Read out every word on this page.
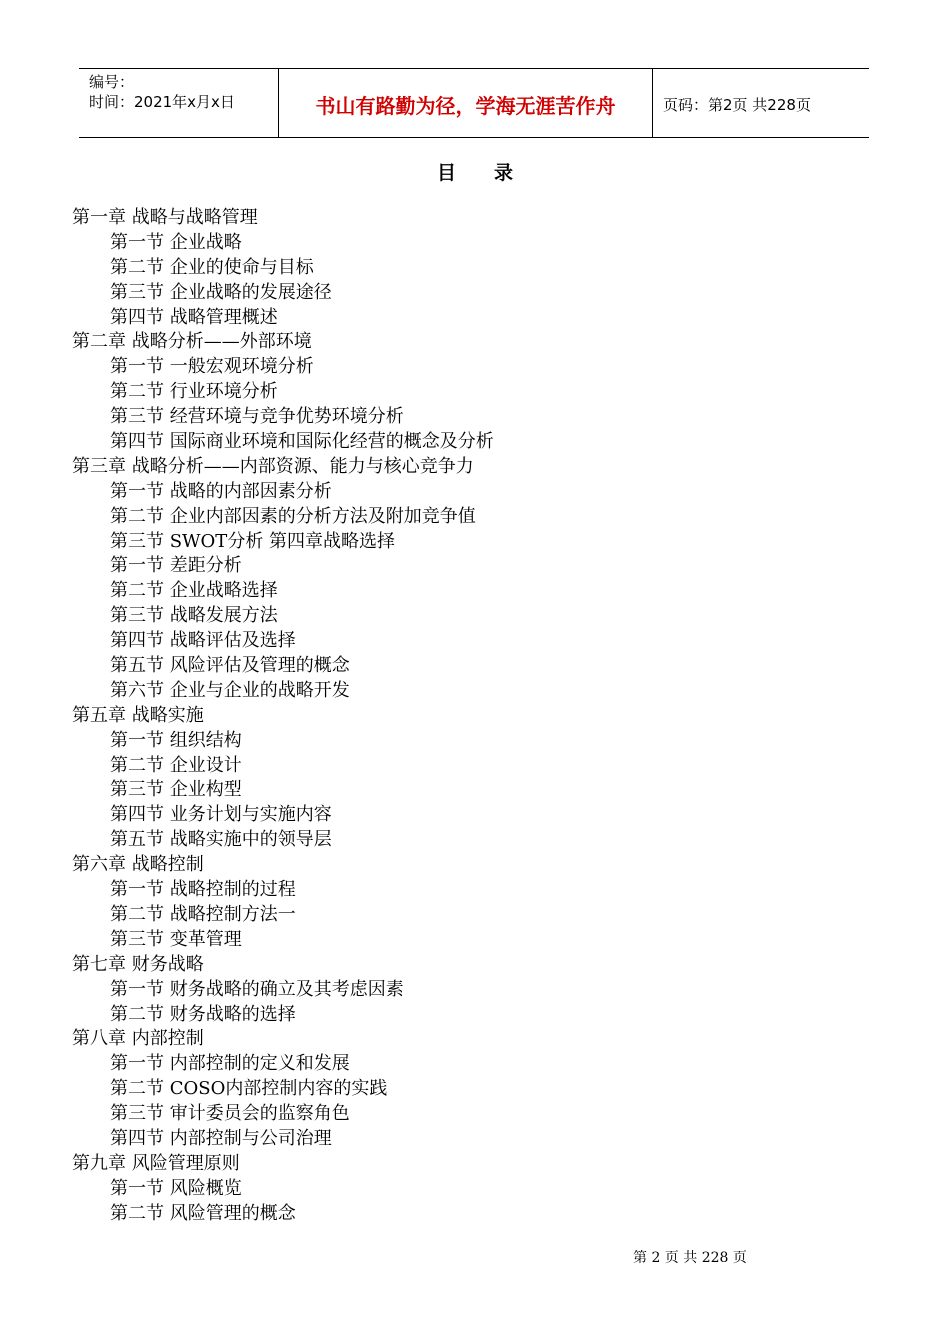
编号：
时间：2021年x月x日	书山有路勤为径，学海无涯苦作舟	页码：第2页 共228页
目录
第一章 战略与战略管理
第一节 企业战略
第二节 企业的使命与目标
第三节 企业战略的发展途径
第四节 战略管理概述
第二章 战略分析——外部环境
第一节 一般宏观环境分析
第二节 行业环境分析
第三节 经营环境与竞争优势环境分析
第四节 国际商业环境和国际化经营的概念及分析
第三章 战略分析——内部资源、能力与核心竞争力
第一节 战略的内部因素分析
第二节 企业内部因素的分析方法及附加竞争值
第三节 SWOT分析 第四章战略选择
第一节 差距分析
第二节 企业战略选择
第三节 战略发展方法
第四节 战略评估及选择
第五节 风险评估及管理的概念
第六节 企业与企业的战略开发
第五章 战略实施
第一节 组织结构
第二节 企业设计
第三节 企业构型
第四节 业务计划与实施内容
第五节 战略实施中的领导层
第六章 战略控制
第一节 战略控制的过程
第二节 战略控制方法一
第三节 变革管理
第七章 财务战略
第一节 财务战略的确立及其考虑因素
第二节 财务战略的选择
第八章 内部控制
第一节 内部控制的定义和发展
第二节 COSO内部控制内容的实践
第三节 审计委员会的监察角色
第四节 内部控制与公司治理
第九章 风险管理原则
第一节 风险概览
第二节 风险管理的概念
第 2 页 共 228 页
